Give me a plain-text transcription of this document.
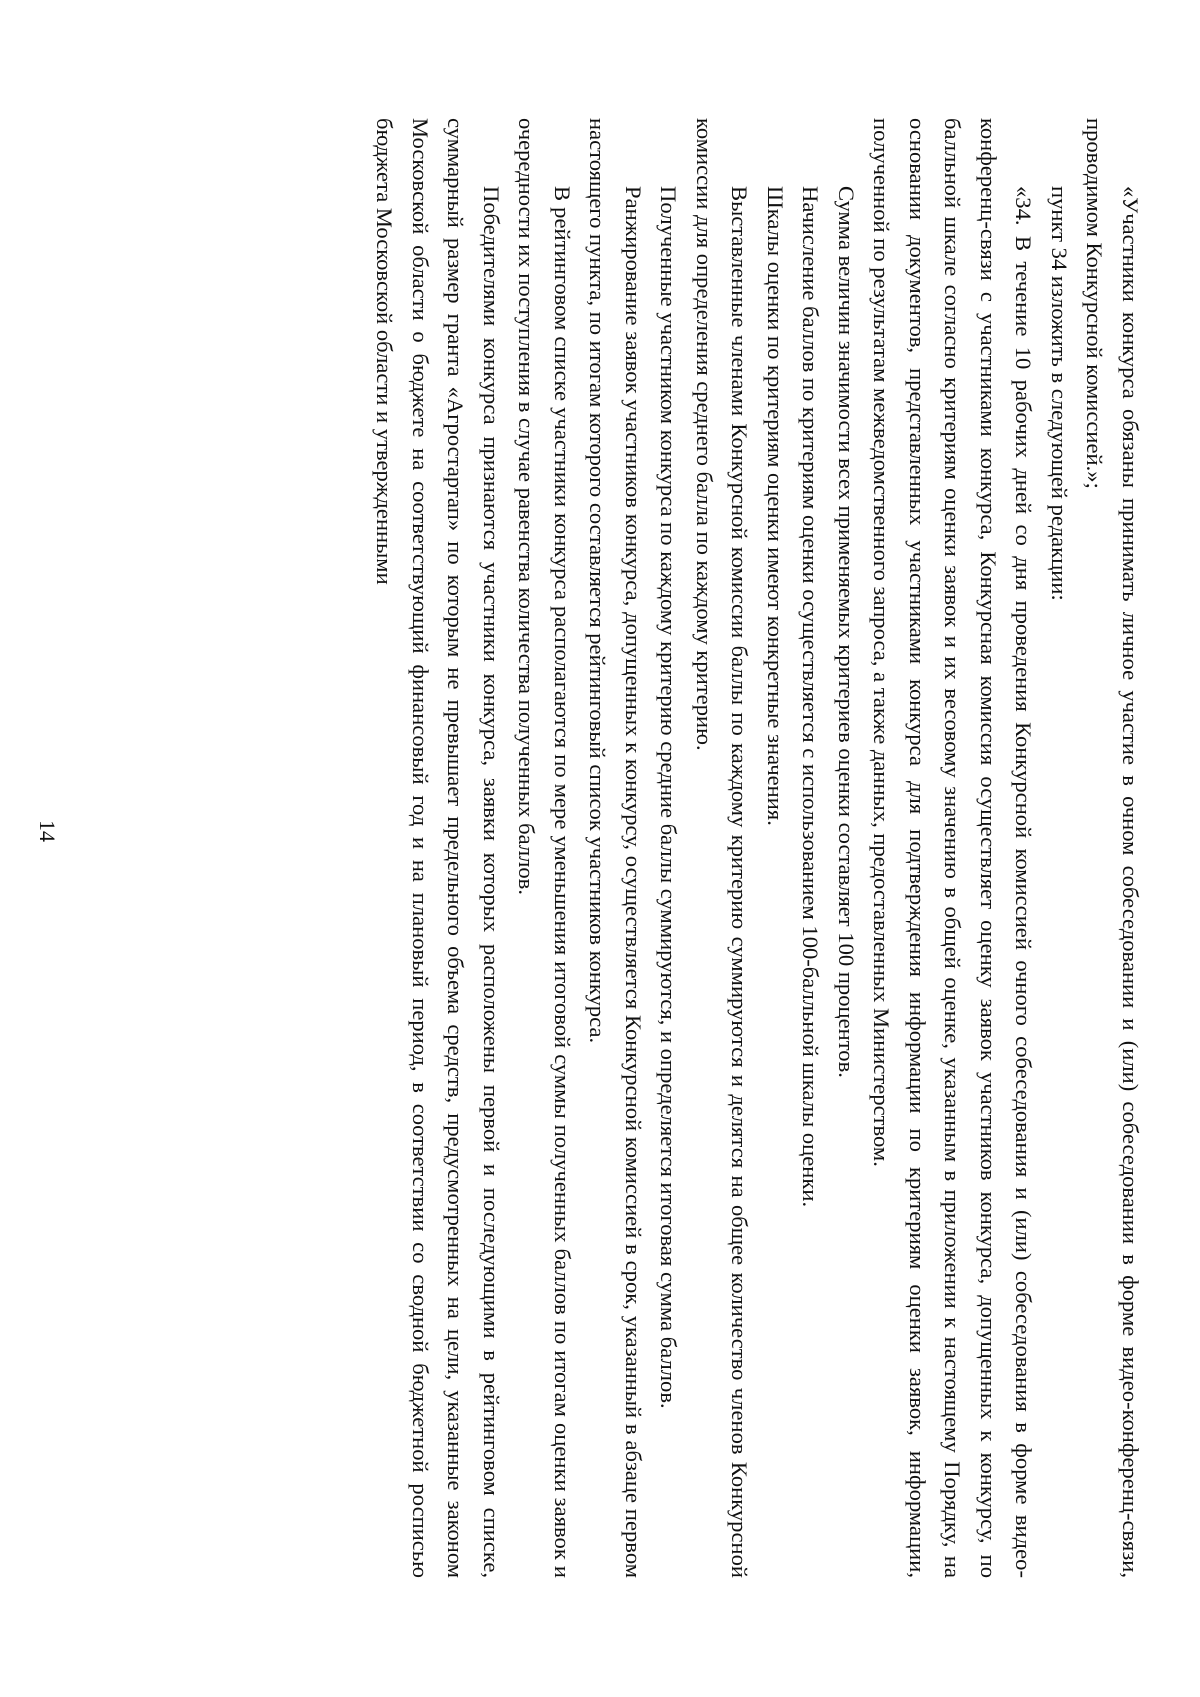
14	«Участники конкурса обязаны принимать личное участие в очном собеседовании и (или) собеседовании в форме видео-конференц-связи, проводимом Конкурсной комиссией.»;

пункт 34 изложить в следующей редакции:

«34. В течение 10 рабочих дней со дня проведения Конкурсной комиссией очного собеседования и (или) собеседования в форме видео-конференц-связи с участниками конкурса, Конкурсная комиссия осуществляет оценку заявок участников конкурса, допущенных к конкурсу, по балльной шкале согласно критериям оценки заявок и их весовому значению в общей оценке, указанным в приложении к настоящему Порядку, на основании документов, представленных участниками конкурса для подтверждения информации по критериям оценки заявок, информации, полученной по результатам межведомственного запроса, а также данных, предоставленных Министерством.

Сумма величин значимости всех применяемых критериев оценки составляет 100 процентов.

Начисление баллов по критериям оценки осуществляется с использованием 100-балльной шкалы оценки.

Шкалы оценки по критериям оценки имеют конкретные значения.

Выставленные членами Конкурсной комиссии баллы по каждому критерию суммируются и делятся на общее количество членов Конкурсной комиссии для определения среднего балла по каждому критерию.

Полученные участником конкурса по каждому критерию средние баллы суммируются, и определяется итоговая сумма баллов.

Ранжирование заявок участников конкурса, допущенных к конкурсу, осуществляется Конкурсной комиссией в срок, указанный в абзаце первом настоящего пункта, по итогам которого составляется рейтинговый список участников конкурса.

В рейтинговом списке участники конкурса располагаются по мере уменьшения итоговой суммы полученных баллов по итогам оценки заявок и очередности их поступления в случае равенства количества полученных баллов.

Победителями конкурса признаются участники конкурса, заявки которых расположены первой и последующими в рейтинговом списке, суммарный размер гранта «Агростартап» по которым не превышает предельного объема средств, предусмотренных на цели, указанные законом Московской области о бюджете на соответствующий финансовый год и на плановый период, в соответствии со сводной бюджетной росписью бюджета Московской области и утвержденными
